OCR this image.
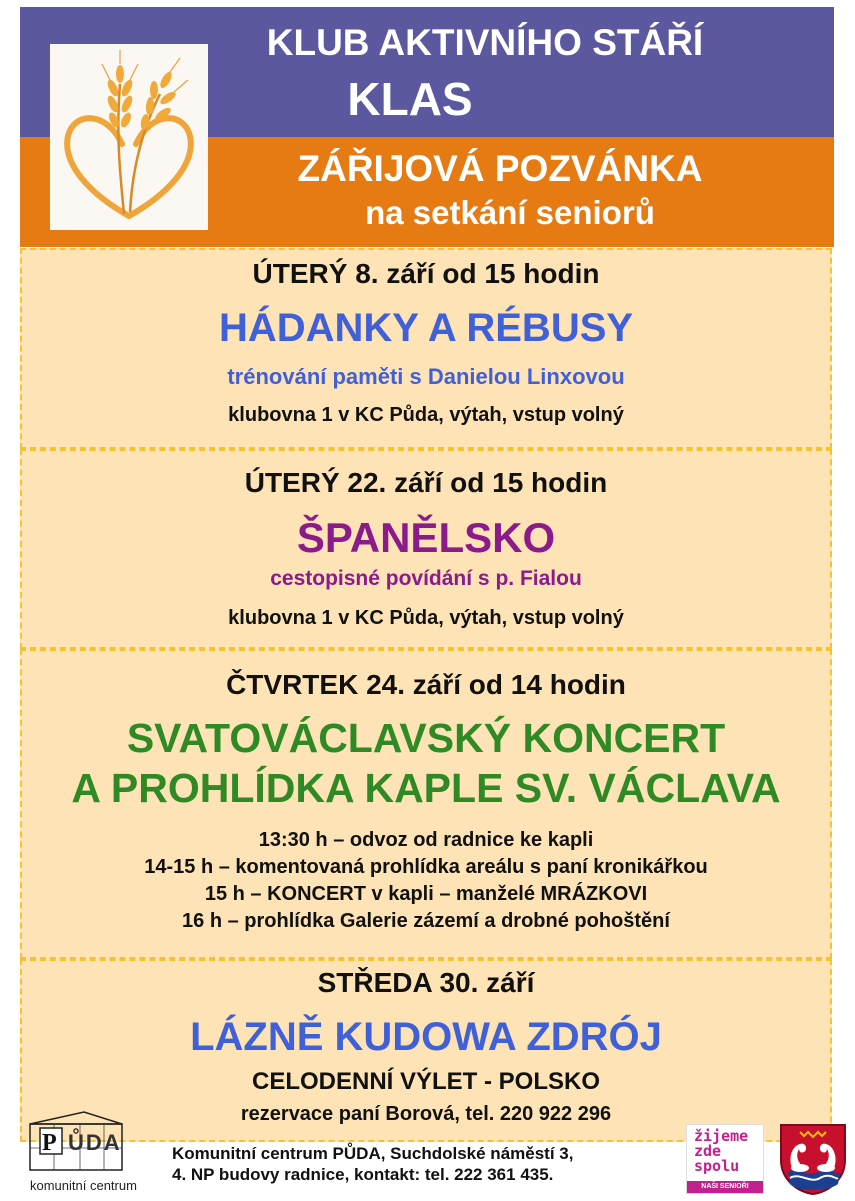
KLUB AKTIVNÍHO STÁŘÍ
KLAS
ZÁŘIJOVÁ POZVÁNKA
na setkání seniorů
ÚTERÝ 8. září od 15 hodin
HÁDANKY A RÉBUSY
trénování paměti s Danielou Linxovou
klubovna 1 v KC Půda, výtah, vstup volný
ÚTERÝ 22. září od 15 hodin
ŠPANĚLSKO
cestopisné povídání s p. Fialou
klubovna 1 v KC Půda, výtah, vstup volný
ČTVRTEK 24. září od 14 hodin
SVATOVÁCLAVSKÝ KONCERT
A PROHLÍDKA KAPLE SV. VÁCLAVA
13:30 h – odvoz od radnice ke kapli
14-15 h – komentovaná prohlídka areálu s paní kronikářkou
15 h – KONCERT v kapli – manželé MRÁZKOVI
16 h – prohlídka Galerie zázemí a drobné pohoštění
STŘEDA 30. září
LÁZNĚ KUDOWA ZDRÓJ
CELODENNÍ VÝLET - POLSKO
rezervace paní Borová, tel. 220 922 296
P ŮDA
komunitní centrum
Komunitní centrum PŮDA, Suchdolské náměstí 3,
4. NP budovy radnice, kontakt: tel. 222 361 435.
žijeme
zde
spolu
NAŠI SENIOŘI
